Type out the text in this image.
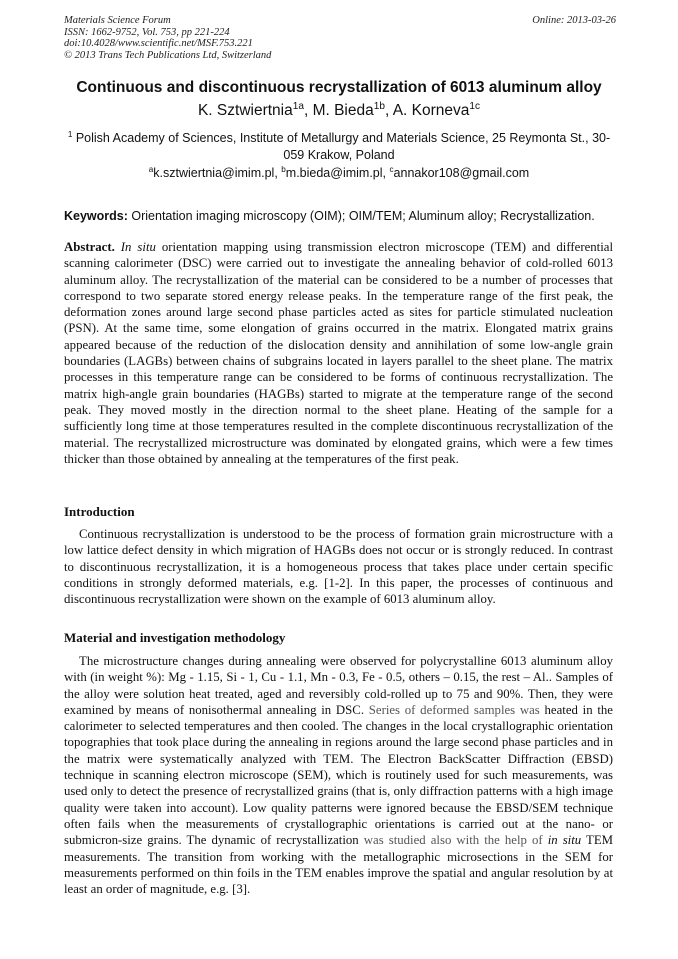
Materials Science Forum
ISSN: 1662-9752, Vol. 753, pp 221-224
doi:10.4028/www.scientific.net/MSF.753.221
© 2013 Trans Tech Publications Ltd, Switzerland
Online: 2013-03-26
Continuous and discontinuous recrystallization of 6013 aluminum alloy
K. Sztwiertnia$^{1a}$, M. Bieda$^{1b}$, A. Korneva$^{1c}$
$^1$ Polish Academy of Sciences, Institute of Metallurgy and Materials Science, 25 Reymonta St., 30-059 Krakow, Poland
$^a$k.sztwiertnia@imim.pl, $^b$m.bieda@imim.pl, $^c$annakor108@gmail.com
Keywords: Orientation imaging microscopy (OIM); OIM/TEM; Aluminum alloy; Recrystallization.
Abstract. In situ orientation mapping using transmission electron microscope (TEM) and differential scanning calorimeter (DSC) were carried out to investigate the annealing behavior of cold-rolled 6013 aluminum alloy. The recrystallization of the material can be considered to be a number of processes that correspond to two separate stored energy release peaks. In the temperature range of the first peak, the deformation zones around large second phase particles acted as sites for particle stimulated nucleation (PSN). At the same time, some elongation of grains occurred in the matrix. Elongated matrix grains appeared because of the reduction of the dislocation density and annihilation of some low-angle grain boundaries (LAGBs) between chains of subgrains located in layers parallel to the sheet plane. The matrix processes in this temperature range can be considered to be forms of continuous recrystallization. The matrix high-angle grain boundaries (HAGBs) started to migrate at the temperature range of the second peak. They moved mostly in the direction normal to the sheet plane. Heating of the sample for a sufficiently long time at those temperatures resulted in the complete discontinuous recrystallization of the material. The recrystallized microstructure was dominated by elongated grains, which were a few times thicker than those obtained by annealing at the temperatures of the first peak.
Introduction
Continuous recrystallization is understood to be the process of formation grain microstructure with a low lattice defect density in which migration of HAGBs does not occur or is strongly reduced. In contrast to discontinuous recrystallization, it is a homogeneous process that takes place under certain specific conditions in strongly deformed materials, e.g. [1-2]. In this paper, the processes of continuous and discontinuous recrystallization were shown on the example of 6013 aluminum alloy.
Material and investigation methodology
The microstructure changes during annealing were observed for polycrystalline 6013 aluminum alloy with (in weight %): Mg - 1.15, Si - 1, Cu - 1.1, Mn - 0.3, Fe - 0.5, others – 0.15, the rest – Al.. Samples of the alloy were solution heat treated, aged and reversibly cold-rolled up to 75 and 90%. Then, they were examined by means of nonisothermal annealing in DSC. Series of deformed samples was heated in the calorimeter to selected temperatures and then cooled. The changes in the local crystallographic orientation topographies that took place during the annealing in regions around the large second phase particles and in the matrix were systematically analyzed with TEM. The Electron BackScatter Diffraction (EBSD) technique in scanning electron microscope (SEM), which is routinely used for such measurements, was used only to detect the presence of recrystallized grains (that is, only diffraction patterns with a high image quality were taken into account). Low quality patterns were ignored because the EBSD/SEM technique often fails when the measurements of crystallographic orientations is carried out at the nano- or submicron-size grains. The dynamic of recrystallization was studied also with the help of in situ TEM measurements. The transition from working with the metallographic microsections in the SEM for measurements performed on thin foils in the TEM enables improve the spatial and angular resolution by at least an order of magnitude, e.g. [3].
